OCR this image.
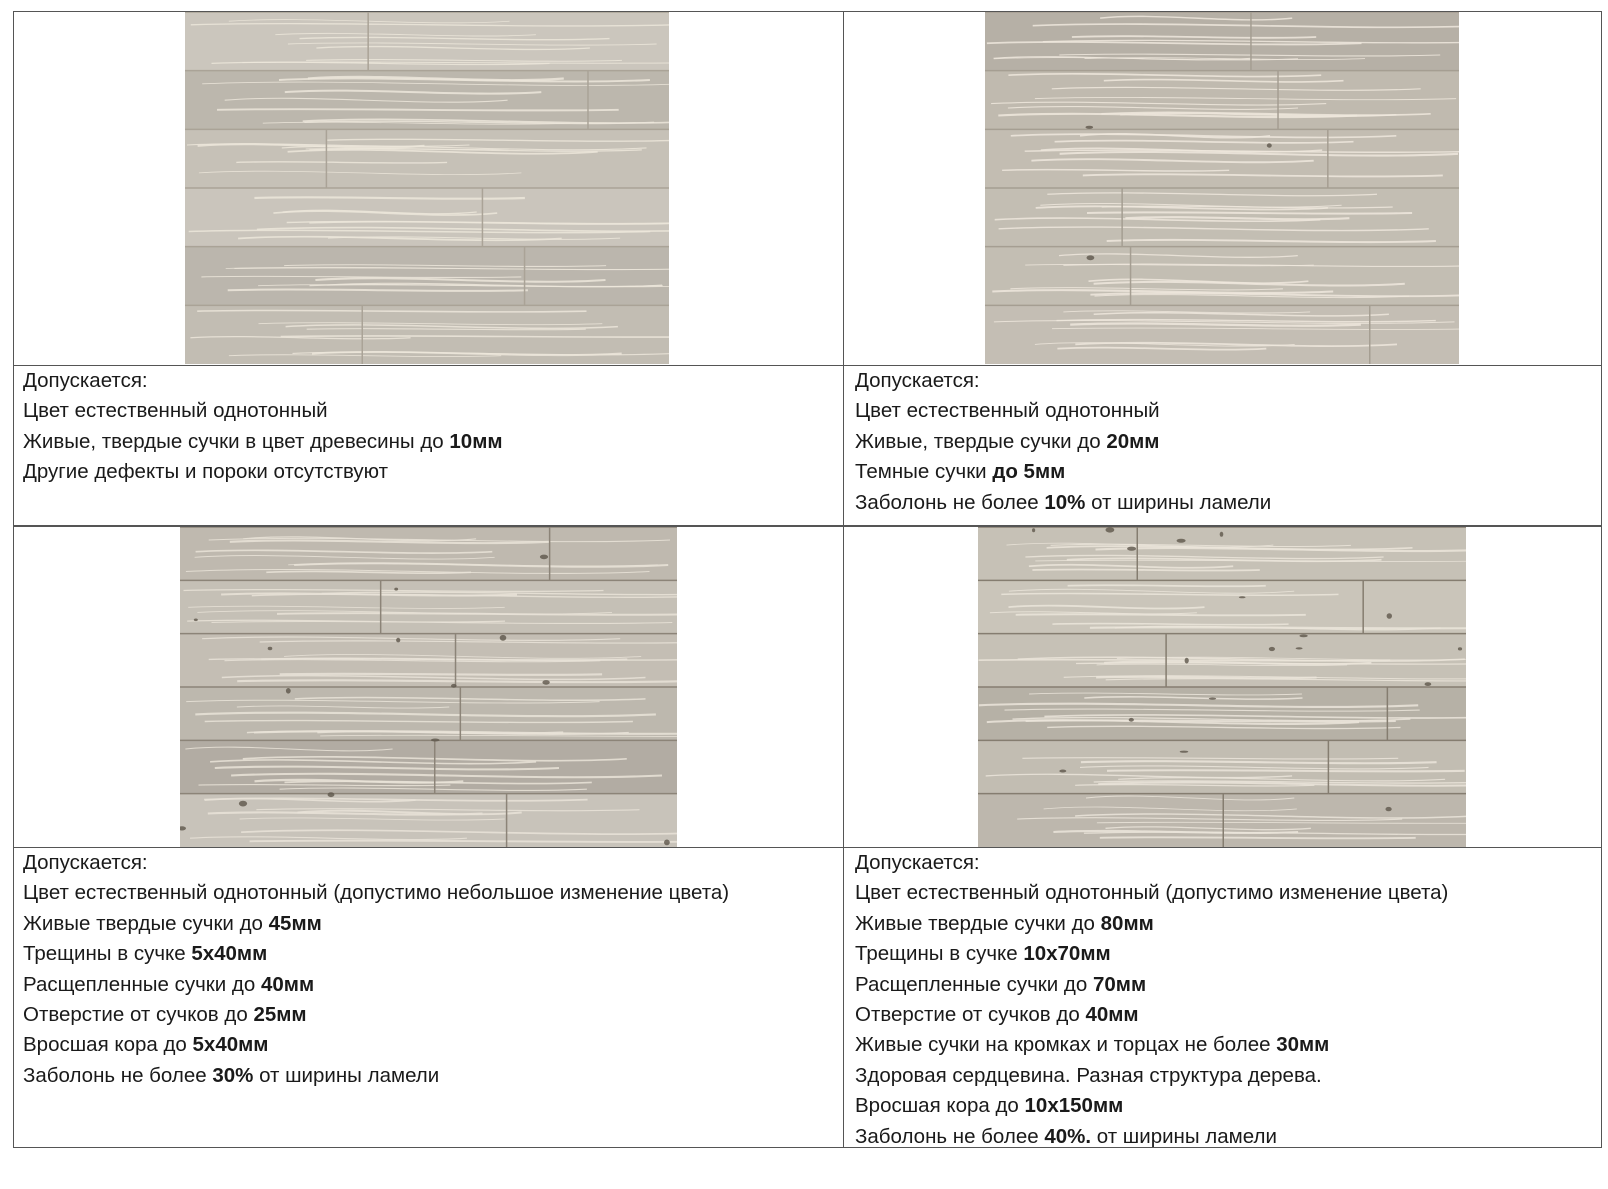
Допускается:
Цвет естественный однотонный
Живые, твердые сучки в цвет древесины до 10мм
Другие дефекты и пороки отсутствуют
Допускается:
Цвет естественный однотонный
Живые, твердые сучки до 20мм
Темные сучки до 5мм
Заболонь не более 10% от ширины ламели
Допускается:
Цвет естественный однотонный (допустимо небольшое изменение цвета)
Живые твердые сучки до 45мм
Трещины в сучке 5х40мм
Расщепленные сучки до 40мм
Отверстие от сучков до 25мм
Вросшая кора до 5х40мм
Заболонь не более 30% от ширины ламели
Допускается:
Цвет естественный однотонный (допустимо изменение цвета)
Живые твердые сучки до 80мм
Трещины в сучке 10х70мм
Расщепленные сучки до 70мм
Отверстие от сучков до 40мм
Живые сучки на кромках и торцах не более 30мм
Здоровая сердцевина. Разная структура дерева.
Вросшая кора до 10х150мм
Заболонь не более 40%. от ширины ламели
